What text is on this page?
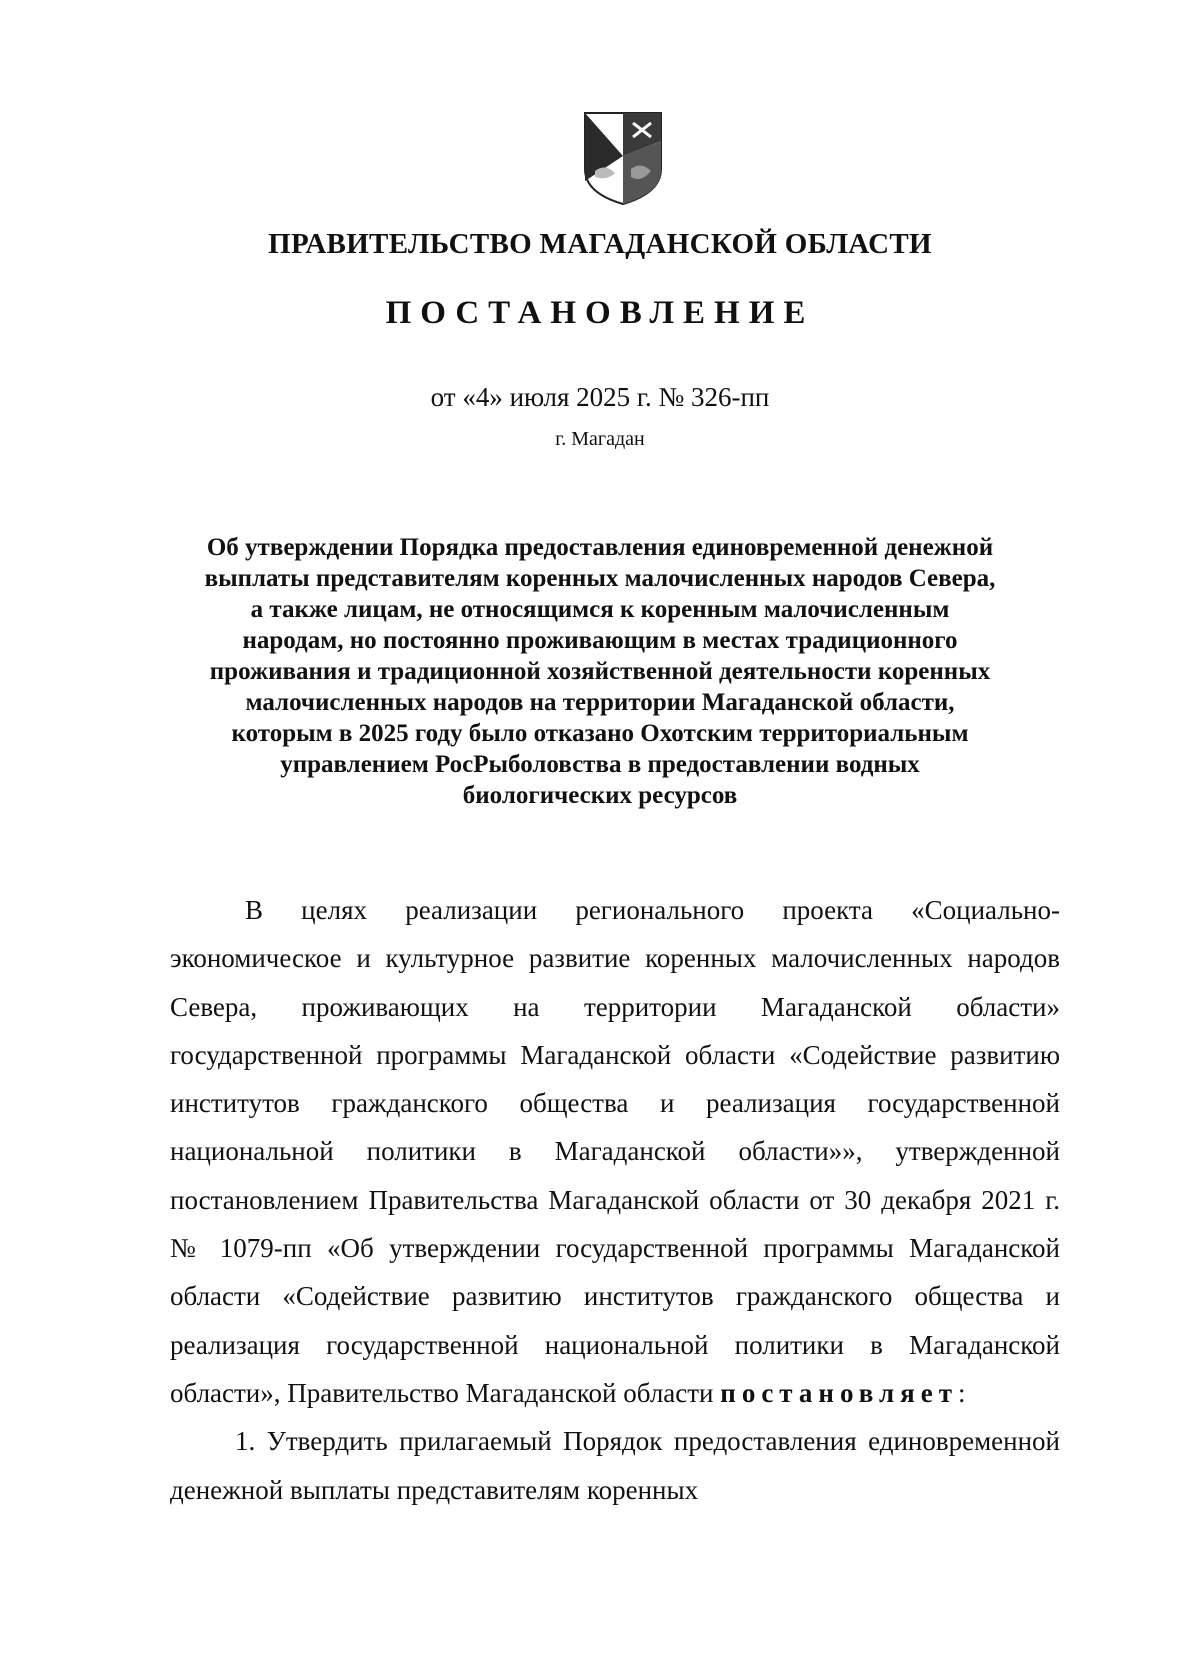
ПРАВИТЕЛЬСТВО МАГАДАНСКОЙ ОБЛАСТИ
ПОСТАНОВЛЕНИЕ
от «4» июля 2025 г. № 326-пп
г. Магадан
Об утверждении Порядка предоставления единовременной денежной
выплаты представителям коренных малочисленных народов Севера,
а также лицам, не относящимся к коренным малочисленным
народам, но постоянно проживающим в местах традиционного
проживания и традиционной хозяйственной деятельности коренных
малочисленных народов на территории Магаданской области,
которым в 2025 году было отказано Охотским территориальным
управлением РосРыболовства в предоставлении водных
биологических ресурсов

В целях реализации регионального проекта «Социально-экономическое и культурное развитие коренных малочисленных народов Севера, проживающих на территории Магаданской области» государственной программы Магаданской области «Содействие развитию институтов гражданского общества и реализация государственной национальной политики в Магаданской области»», утвержденной постановлением Правительства Магаданской области от 30 декабря 2021 г. № 1079-пп «Об утверждении государственной программы Магаданской области «Содействие развитию институтов гражданского общества и реализация государственной национальной политики в Магаданской области», Правительство Магаданской области постановляет:

1. Утвердить прилагаемый Порядок предоставления единовременной денежной выплаты представителям коренных
